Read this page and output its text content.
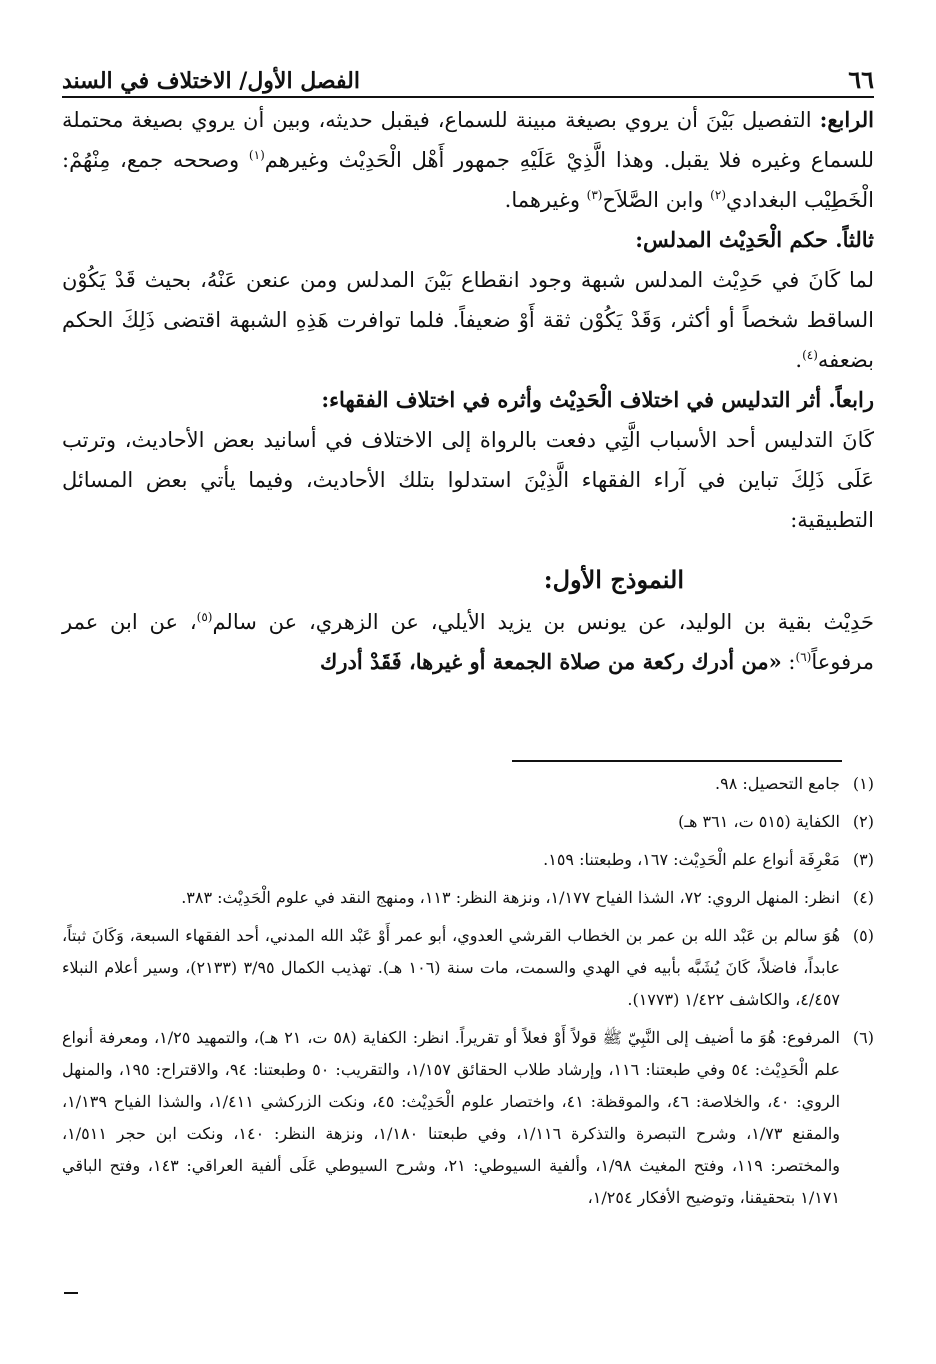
٦٦
الفصل الأول/ الاختلاف في السند

الرابع: التفصيل بَيْنَ أن يروي بصيغة مبينة للسماع، فيقبل حديثه، وبين أن يروي بصيغة محتملة للسماع وغيره فلا يقبل. وهذا الَّذِيْ عَلَيْهِ جمهور أَهْل الْحَدِيْث وغيرهم$^{(١)}$ وصححه جمع، مِنْهُمْ: الْخَطِيْب البغدادي$^{(٢)}$ وابن الصَّلاَح$^{(٣)}$ وغيرهما.

ثالثاً. حكم الْحَدِيْث المدلس:

لما كَانَ في حَدِيْث المدلس شبهة وجود انقطاع بَيْنَ المدلس ومن عنعن عَنْهُ، بحيث قَدْ يَكُوْن الساقط شخصاً أو أكثر، وَقَدْ يَكُوْن ثقة أَوْ ضعيفاً. فلما توافرت هَذِهِ الشبهة اقتضى ذَلِكَ الحكم بضعفه$^{(٤)}$.

رابعاً. أثر التدليس في اختلاف الْحَدِيْث وأثره في اختلاف الفقهاء:

كَانَ التدليس أحد الأسباب الَّتِي دفعت بالرواة إلى الاختلاف في أسانيد بعض الأحاديث، وترتب عَلَى ذَلِكَ تباين في آراء الفقهاء الَّذِيْنَ استدلوا بتلك الأحاديث، وفيما يأتي بعض المسائل التطبيقية:

النموذج الأول:

حَدِيْث بقية بن الوليد، عن يونس بن يزيد الأيلي، عن الزهري، عن سالم$^{(٥)}$، عن ابن عمر مرفوعاً$^{(٦)}$: «من أدرك ركعة من صلاة الجمعة أو غيرها، فَقَدْ أدرك

(١)
جامع التحصيل: ٩٨.
(٢)
الكفاية (٥١٥ ت، ٣٦١ هـ)
(٣)
مَعْرِفَة أنواع علم الْحَدِيْث: ١٦٧، وطبعتنا: ١٥٩.
(٤)
انظر: المنهل الروي: ٧٢، الشذا الفياح ١/١٧٧، ونزهة النظر: ١١٣، ومنهج النقد في علوم الْحَدِيْث: ٣٨٣.
(٥)
هُوَ سالم بن عَبْد الله بن عمر بن الخطاب القرشي العدوي، أبو عمر أَوْ عَبْد الله المدني، أحد الفقهاء السبعة، وَكَانَ ثبتاً، عابداً، فاضلاً، كَانَ يُشَبَّه بأبيه في الهدي والسمت، مات سنة (١٠٦ هـ). تهذيب الكمال ٣/٩٥ (٢١٣٣)، وسير أعلام النبلاء ٤/٤٥٧، والكاشف ١/٤٢٢ (١٧٧٣).
(٦)
المرفوع: هُوَ ما أضيف إلى النَّبِيّ ﷺ قولاً أَوْ فعلاً أو تقريراً. انظر: الكفاية (٥٨ ت، ٢١ هـ)، والتمهيد ١/٢٥، ومعرفة أنواع علم الْحَدِيْث: ٥٤ وفي طبعتنا: ١١٦، وإرشاد طلاب الحقائق ١/١٥٧، والتقريب: ٥٠ وطبعتنا: ٩٤، والاقتراح: ١٩٥، والمنهل الروي: ٤٠، والخلاصة: ٤٦، والموقظة: ٤١، واختصار علوم الْحَدِيْث: ٤٥، ونكت الزركشي ١/٤١١، والشذا الفياح ١/١٣٩، والمقنع ١/٧٣، وشرح التبصرة والتذكرة ١/١١٦، وفي طبعتنا ١/١٨٠، ونزهة النظر: ١٤٠، ونكت ابن حجر ١/٥١١، والمختصر: ١١٩، وفتح المغيث ١/٩٨، وألفية السيوطي: ٢١، وشرح السيوطي عَلَى ألفية العراقي: ١٤٣، وفتح الباقي ١/١٧١ بتحقيقنا، وتوضيح الأفكار ١/٢٥٤،
